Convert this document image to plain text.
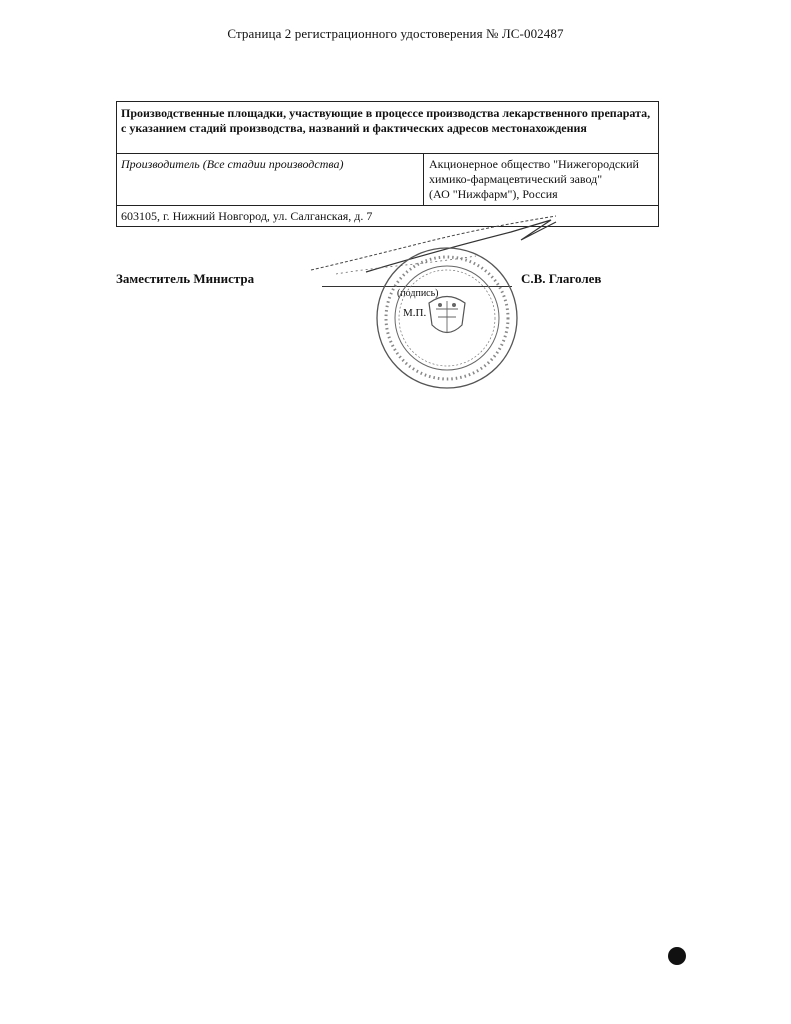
Страница 2 регистрационного удостоверения № ЛС-002487
Производственные площадки, участвующие в процессе производства лекарственного препарата, с указанием стадий производства, названий и фактических адресов местонахождения
Производитель (Все стадии производства)	Акционерное общество "Нижегородский
химико-фармацевтический завод"
(АО "Нижфарм"), Россия
603105, г. Нижний Новгород, ул. Салганская, д. 7
Заместитель Министра
(подпись)
С.В. Глаголев
М.П.
